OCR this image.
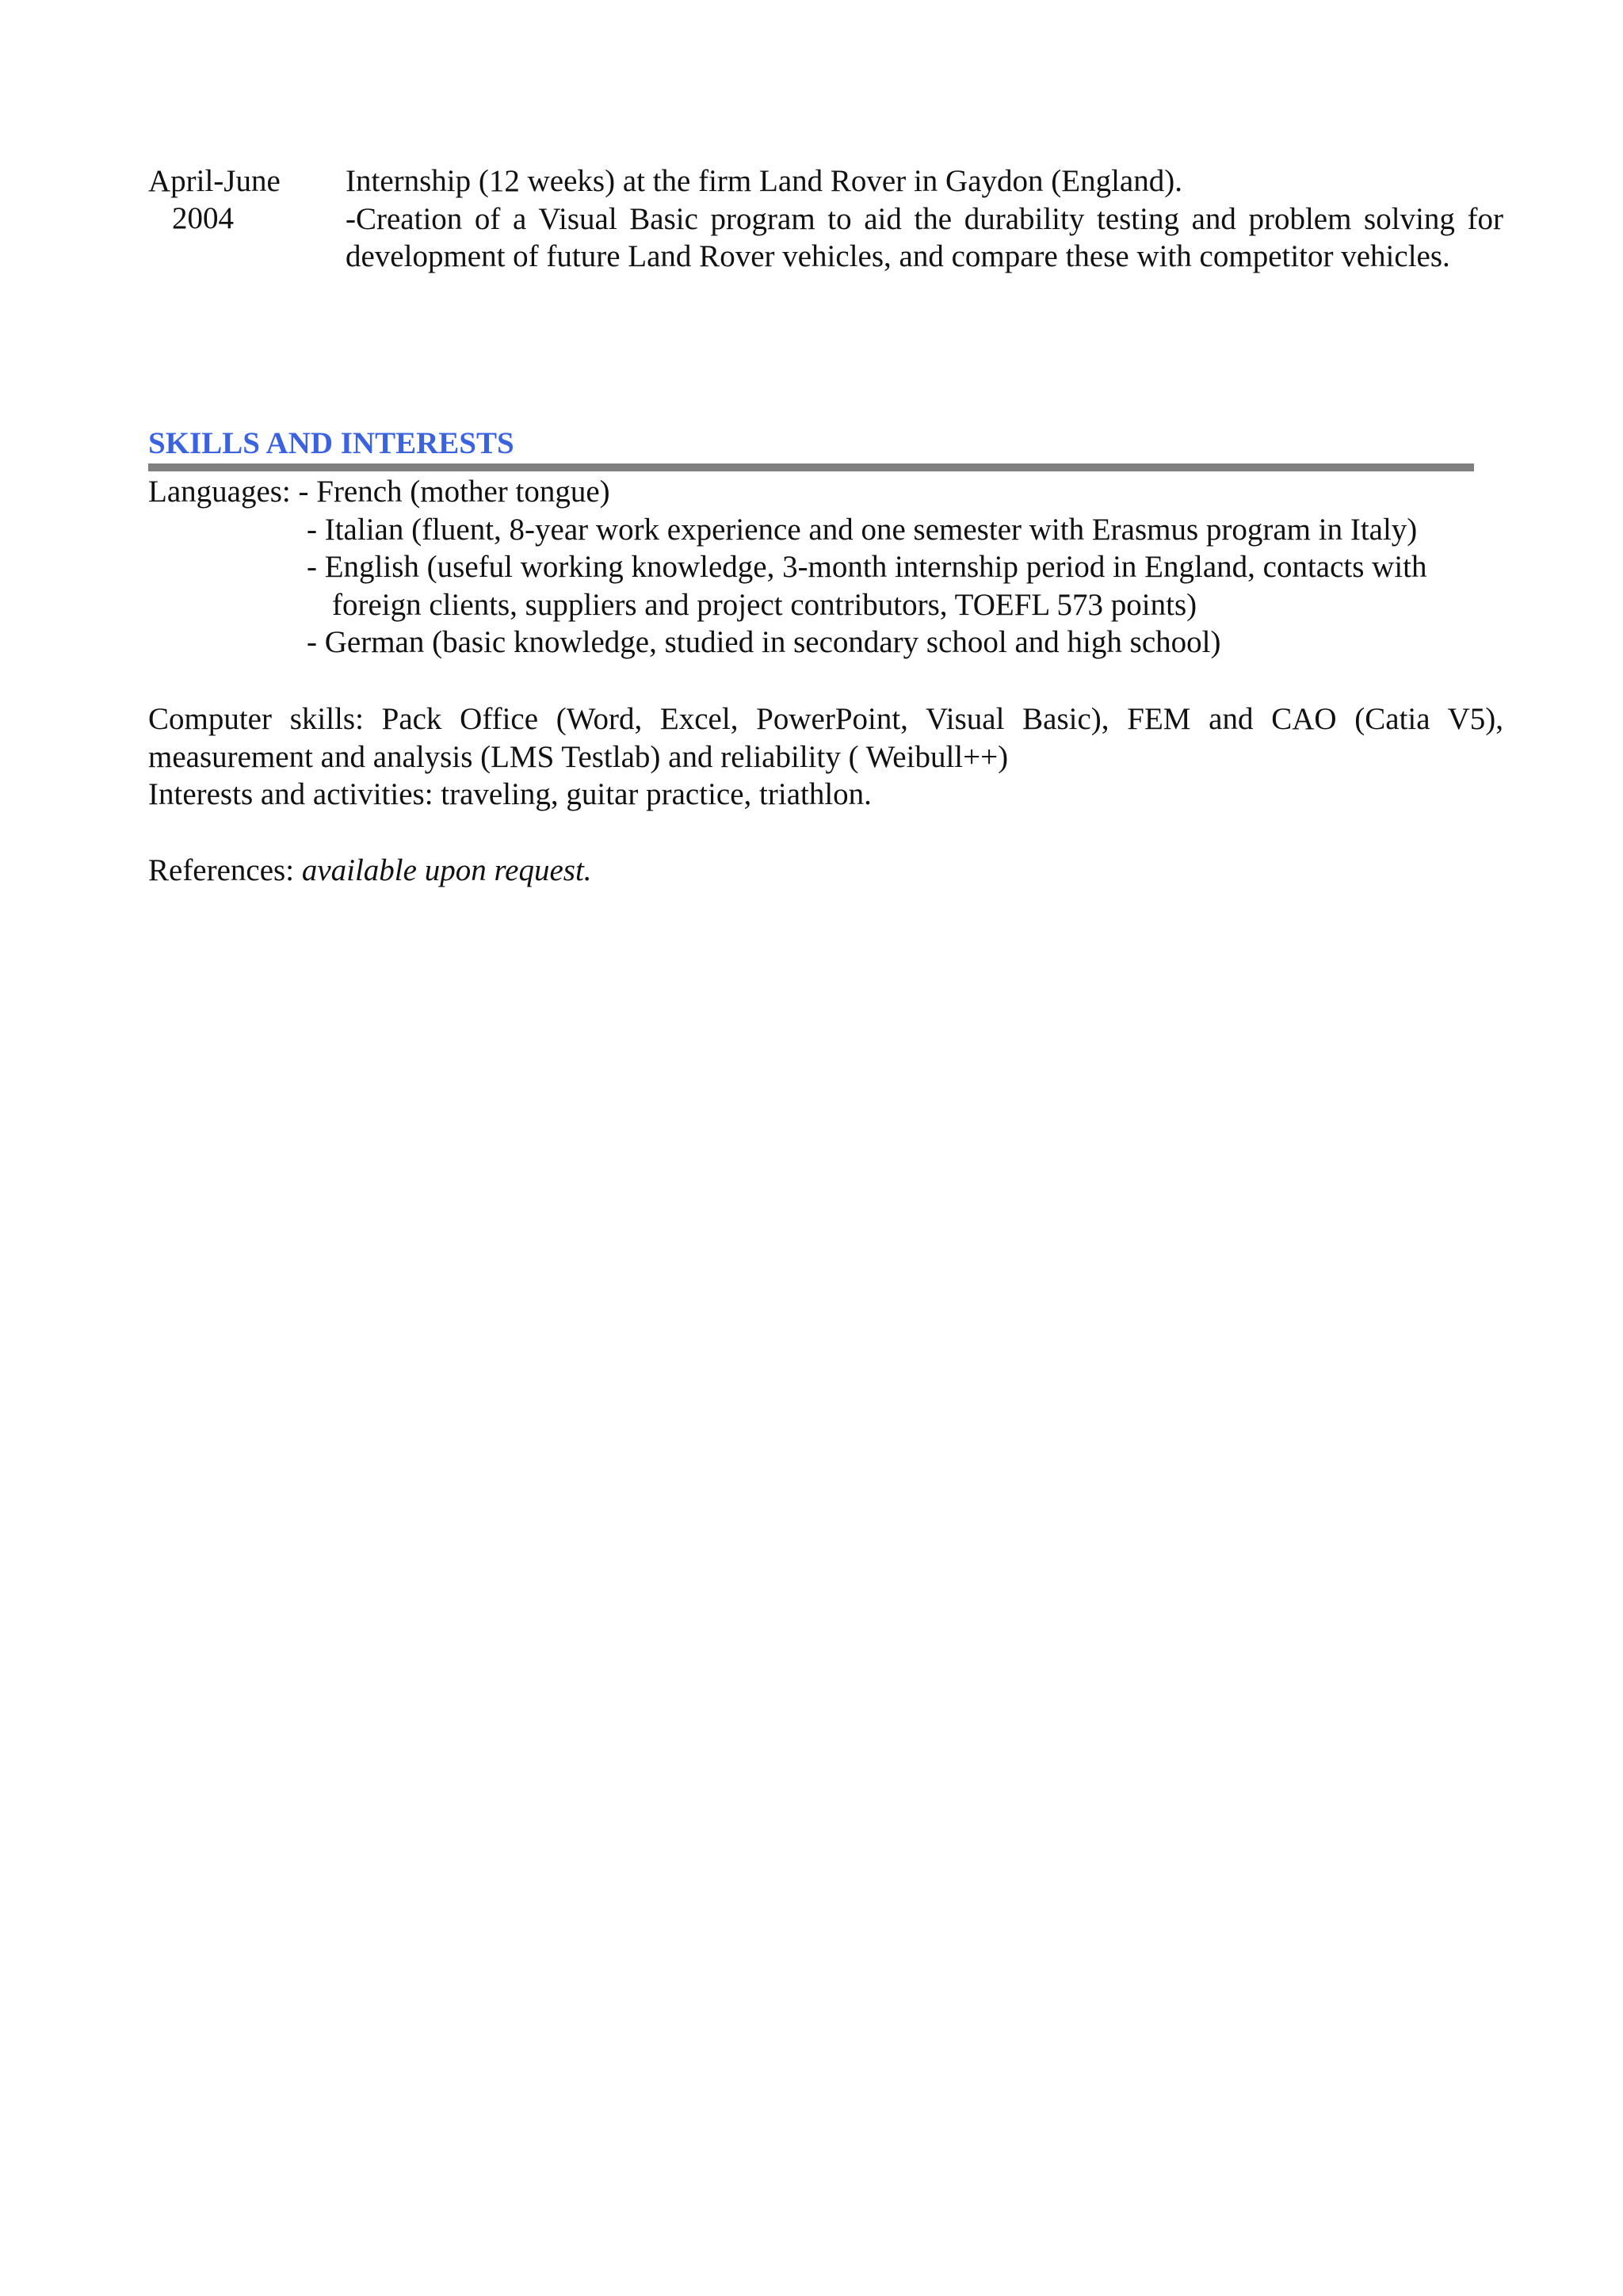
April-June
2004
Internship (12 weeks) at the firm Land Rover in Gaydon (England).
-Creation of a Visual Basic program to aid the durability testing and problem solving for development of future Land Rover vehicles, and compare these with competitor vehicles.
SKILLS AND INTERESTS
Languages: - French (mother tongue)
- Italian (fluent, 8-year work experience and one semester with Erasmus program in Italy)
- English (useful working knowledge, 3-month internship period in England, contacts with
foreign clients, suppliers and project contributors, TOEFL 573 points)
- German (basic knowledge, studied in secondary school and high school)
Computer skills: Pack Office (Word, Excel, PowerPoint, Visual Basic), FEM and CAO (Catia V5), measurement and analysis (LMS Testlab) and reliability ( Weibull++)
Interests and activities: traveling, guitar practice, triathlon.
References: available upon request.
